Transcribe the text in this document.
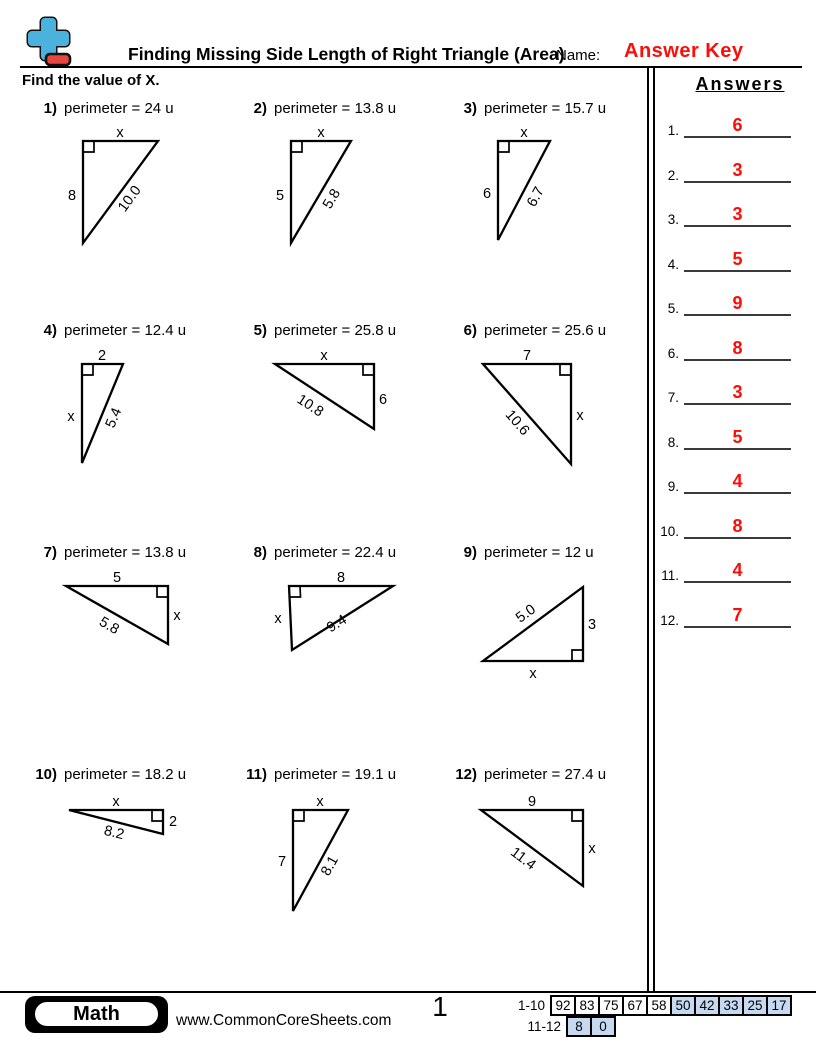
Finding Missing Side Length of Right Triangle (Area)
Name: Answer Key
Find the value of X.
1) perimeter = 24 u
x
8	10.0
2) perimeter = 13.8 u
x
5 5.8
3) perimeter = 15.7 u
x
6 6.7
4) perimeter = 12.4 u
2
x 5.4
5) perimeter = 25.8 u
x
6
10.8
6) perimeter = 25.6 u
7
x
10.6
7) perimeter = 13.8 u
5
x
5.8
8) perimeter = 22.4 u
8
x	9.4
9) perimeter = 12 u
x
3
5.0
10) perimeter = 18.2 u
x
2
8.2
11) perimeter = 19.1 u
x
7 8.1
12) perimeter = 27.4 u
9
x
11.4
Answers
1.	6
2.	3
3.	3
4.	5
5.	9
6.	8
7.	3
8.	5
9.	4
10.	8
11.	4
12.	7
Math	www.CommonCoreSheets.com	1	1-10 92 83 75 67 58 50 42 33 25 17
11-12	8	0
